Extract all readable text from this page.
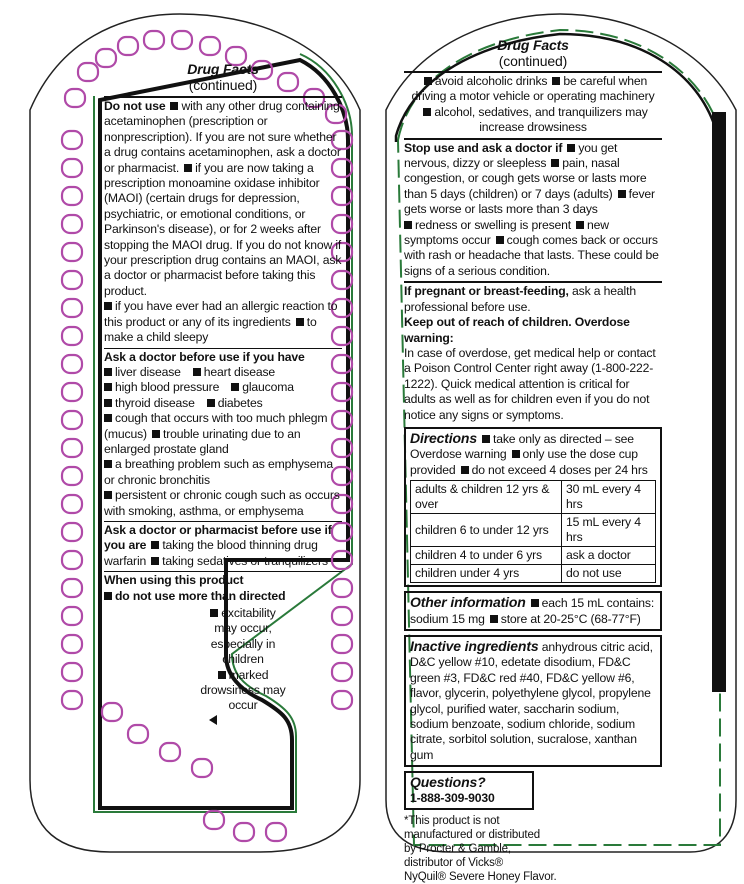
Drug Facts
(continued)
Do not use with any other drug containing acetaminophen (prescription or nonprescription). If you are not sure whether a drug contains acetaminophen, ask a doctor or pharmacist. if you are now taking a prescription monoamine oxidase inhibitor (MAOI) (certain drugs for depression, psychiatric, or emotional conditions, or Parkinson's disease), or for 2 weeks after stopping the MAOI drug. If you do not know if your prescription drug contains an MAOI, ask a doctor or pharmacist before taking this product.
if you have ever had an allergic reaction to this product or any of its ingredients to make a child sleepy
Ask a doctor before use if you have
liver disease heart disease
high blood pressure glaucoma
thyroid disease diabetes
cough that occurs with too much phlegm (mucus) trouble urinating due to an enlarged prostate gland
a breathing problem such as emphysema or chronic bronchitis
persistent or chronic cough such as occurs with smoking, asthma, or emphysema
Ask a doctor or pharmacist before use if you are taking the blood thinning drug warfarin taking sedatives or tranquilizers
When using this product
do not use more than directed
excitability may occur, especially in children
marked drowsiness may occur

Drug Facts
(continued)
avoid alcoholic drinks be careful when driving a motor vehicle or operating machinery
alcohol, sedatives, and tranquilizers may increase drowsiness
Stop use and ask a doctor if you get nervous, dizzy or sleepless pain, nasal congestion, or cough gets worse or lasts more than 5 days (children) or 7 days (adults) fever gets worse or lasts more than 3 days
redness or swelling is present new symptoms occur cough comes back or occurs with rash or headache that lasts. These could be signs of a serious condition.
If pregnant or breast-feeding, ask a health professional before use.
Keep out of reach of children. Overdose warning:
In case of overdose, get medical help or contact a Poison Control Center right away (1-800-222-1222). Quick medical attention is critical for adults as well as for children even if you do not notice any signs or symptoms.
Directions take only as directed – see Overdose warning only use the dose cup provided do not exceed 4 doses per 24 hrs
adults & children 12 yrs & over	30 mL every 4 hrs
children 6 to under 12 yrs	15 mL every 4 hrs
children 4 to under 6 yrs	ask a doctor
children under 4 yrs	do not use
Other information each 15 mL contains: sodium 15 mg store at 20-25°C (68-77°F)
Inactive ingredients anhydrous citric acid, D&C yellow #10, edetate disodium, FD&C green #3, FD&C red #40, FD&C yellow #6, flavor, glycerin, polyethylene glycol, propylene glycol, purified water, saccharin sodium, sodium benzoate, sodium chloride, sodium citrate, sorbitol solution, sucralose, xanthan gum
Questions?
1-888-309-9030
*This product is not
manufactured or distributed
by Procter & Gamble,
distributor of Vicks®
NyQuil® Severe Honey Flavor.
